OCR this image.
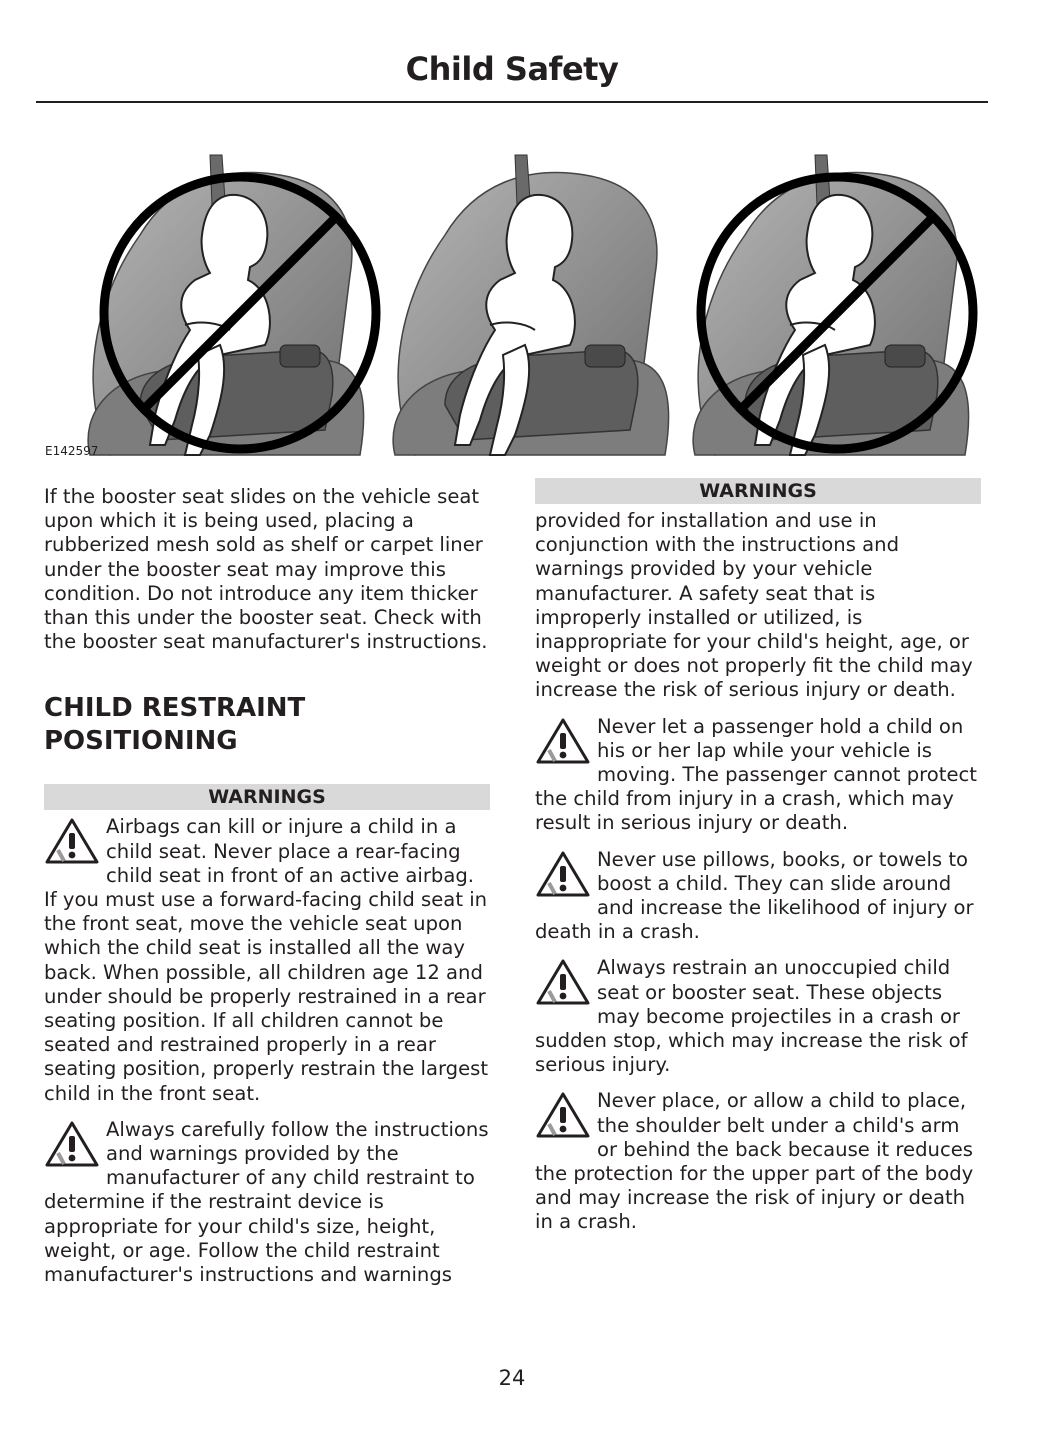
Child Safety
E142597

If the booster seat slides on the vehicle seat upon which it is being used, placing a rubberized mesh sold as shelf or carpet liner under the booster seat may improve this condition. Do not introduce any item thicker than this under the booster seat. Check with the booster seat manufacturer's instructions.

CHILD RESTRAINT POSITIONING

WARNINGS

Airbags can kill or injure a child in a child seat. Never place a rear-facing child seat in front of an active airbag. If you must use a forward-facing child seat in the front seat, move the vehicle seat upon which the child seat is installed all the way back. When possible, all children age 12 and under should be properly restrained in a rear seating position. If all children cannot be seated and restrained properly in a rear seating position, properly restrain the largest child in the front seat.

Always carefully follow the instructions and warnings provided by the manufacturer of any child restraint to determine if the restraint device is appropriate for your child's size, height, weight, or age. Follow the child restraint manufacturer's instructions and warnings

WARNINGS

provided for installation and use in conjunction with the instructions and warnings provided by your vehicle manufacturer. A safety seat that is improperly installed or utilized, is inappropriate for your child's height, age, or weight or does not properly fit the child may increase the risk of serious injury or death.

Never let a passenger hold a child on his or her lap while your vehicle is moving. The passenger cannot protect the child from injury in a crash, which may result in serious injury or death.

Never use pillows, books, or towels to boost a child. They can slide around and increase the likelihood of injury or death in a crash.

Always restrain an unoccupied child seat or booster seat. These objects may become projectiles in a crash or sudden stop, which may increase the risk of serious injury.

Never place, or allow a child to place, the shoulder belt under a child's arm or behind the back because it reduces the protection for the upper part of the body and may increase the risk of injury or death in a crash.

24
